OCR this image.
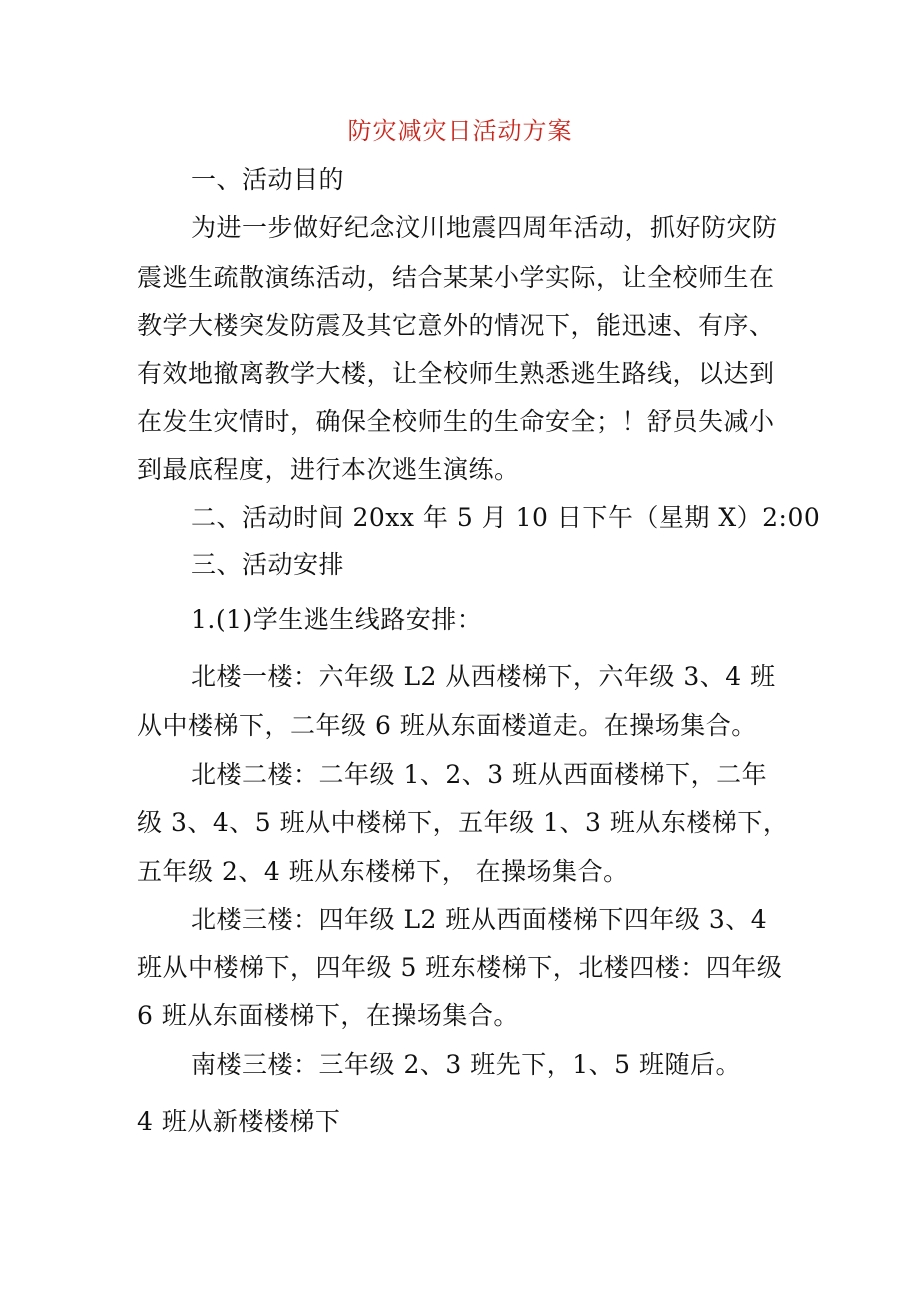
防灾减灾日活动方案
一、活动目的
为进一步做好纪念汶川地震四周年活动，抓好防灾防
震逃生疏散演练活动，结合某某小学实际，让全校师生在
教学大楼突发防震及其它意外的情况下，能迅速、有序、
有效地撤离教学大楼，让全校师生熟悉逃生路线，以达到
在发生灾情时，确保全校师生的生命安全；！舒员失减小
到最底程度，进行本次逃生演练。
二、活动时间 20xx 年 5 月 10 日下午（星期 X）2:00
三、活动安排
1.(1)学生逃生线路安排：
北楼一楼：六年级 L2 从西楼梯下，六年级 3、4 班
从中楼梯下，二年级 6 班从东面楼道走。在操场集合。
北楼二楼：二年级 1、2、3 班从西面楼梯下，二年
级 3、4、5 班从中楼梯下，五年级 1、3 班从东楼梯下，
五年级 2、4 班从东楼梯下， 在操场集合。
北楼三楼：四年级 L2 班从西面楼梯下四年级 3、4
班从中楼梯下，四年级 5 班东楼梯下，北楼四楼：四年级
6 班从东面楼梯下，在操场集合。
南楼三楼：三年级 2、3 班先下，1、5 班随后。
4 班从新楼楼梯下
